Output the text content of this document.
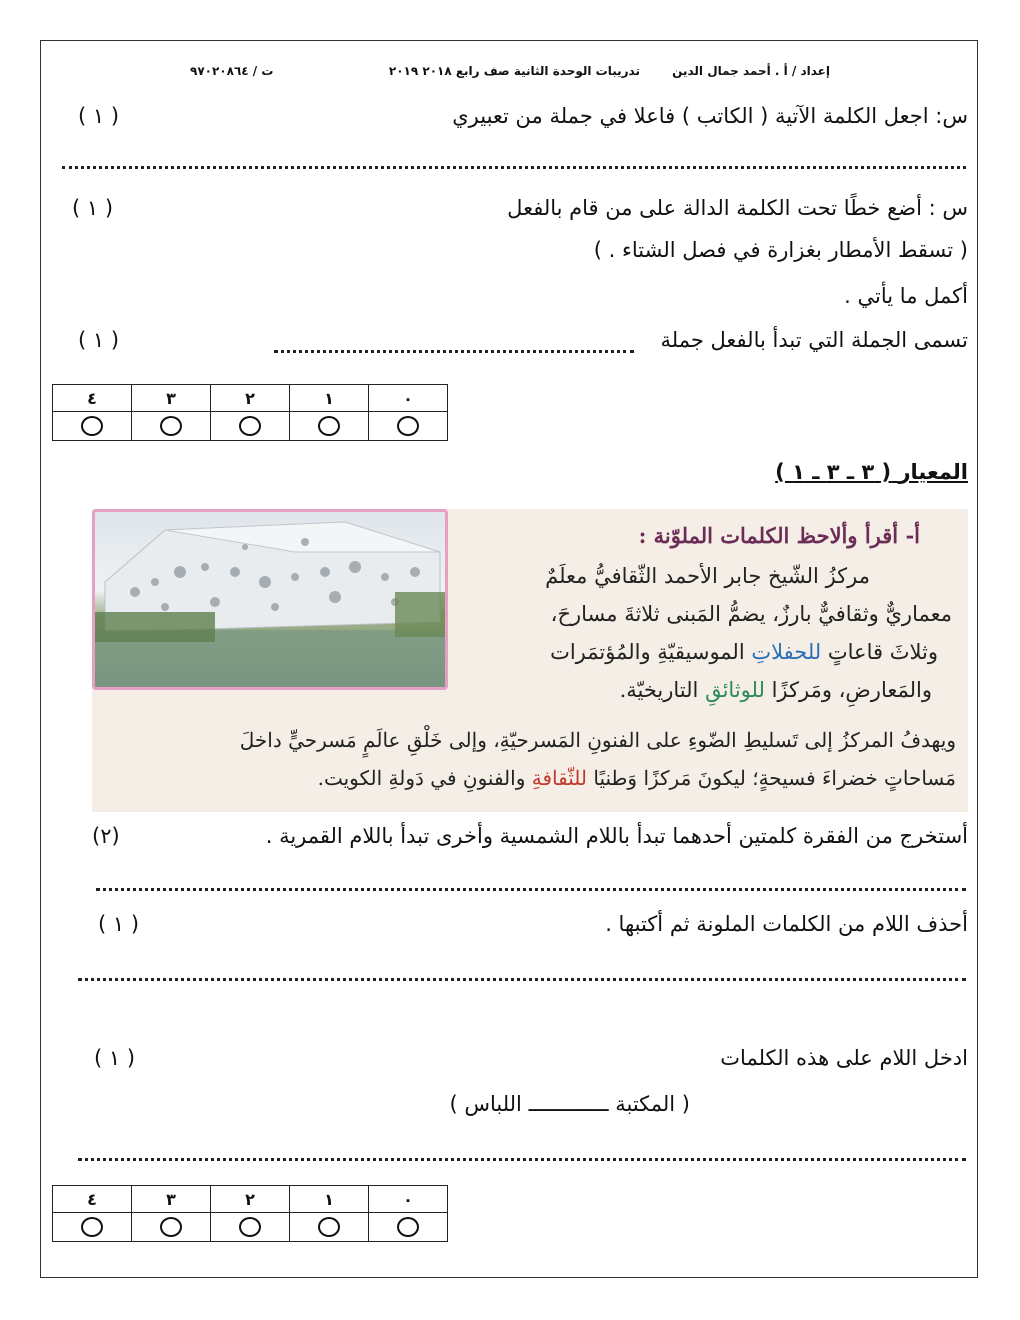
إعداد / أ . أحمد جمال الدين
تدريبات الوحدة الثانية صف رابع ٢٠١٨ ٢٠١٩
ت / ٩٧٠٢٠٨٦٤
س: اجعل الكلمة الآتية ( الكاتب ) فاعلا في جملة من تعبيري
( ١ )
س : أضع خطًا تحت الكلمة الدالة على من قام بالفعل
( ١ )
( تسقط الأمطار بغزارة في فصل الشتاء . )
أكمل ما يأتي .
تسمى الجملة التي تبدأ بالفعل جملة
( ١ )
٤	٣	٢	١	٠

المعيار ( ٣ ـ ٣ ـ ١ )
أ- أقرأ وألاحظ الكلمات الملوّنة :
مركزُ الشّيخ جابر الأحمد الثّقافيُّ معلَمٌ
معماريٌّ وثقافيٌّ بارزٌ، يضمُّ المَبنى ثلاثةَ مسارحَ،
وثلاثَ قاعاتٍ للحفلاتِ الموسيقيّةِ والمُؤتمَرات
والمَعارضِ، ومَركزًا للوثائقِ التاريخيّة.
ويهدفُ المركزُ إلى تَسليطِ الضّوءِ على الفنونِ المَسرحيّةِ، وإلى خَلْقِ عالَمٍ مَسرحيٍّ داخلَ
مَساحاتٍ خضراءَ فسيحةٍ؛ ليكونَ مَركزًا وَطنيًا للثّقافةِ والفنونِ في دَولةِ الكويت.
أستخرج من الفقرة كلمتين أحدهما تبدأ باللام الشمسية وأخرى تبدأ باللام القمرية .
(٢)
أحذف اللام من الكلمات الملونة ثم أكتبها .
( ١ )
ادخل اللام على هذه الكلمات
( ١ )
( المكتبة ـــــــــــــ اللباس )
٤	٣	٢	١	٠
